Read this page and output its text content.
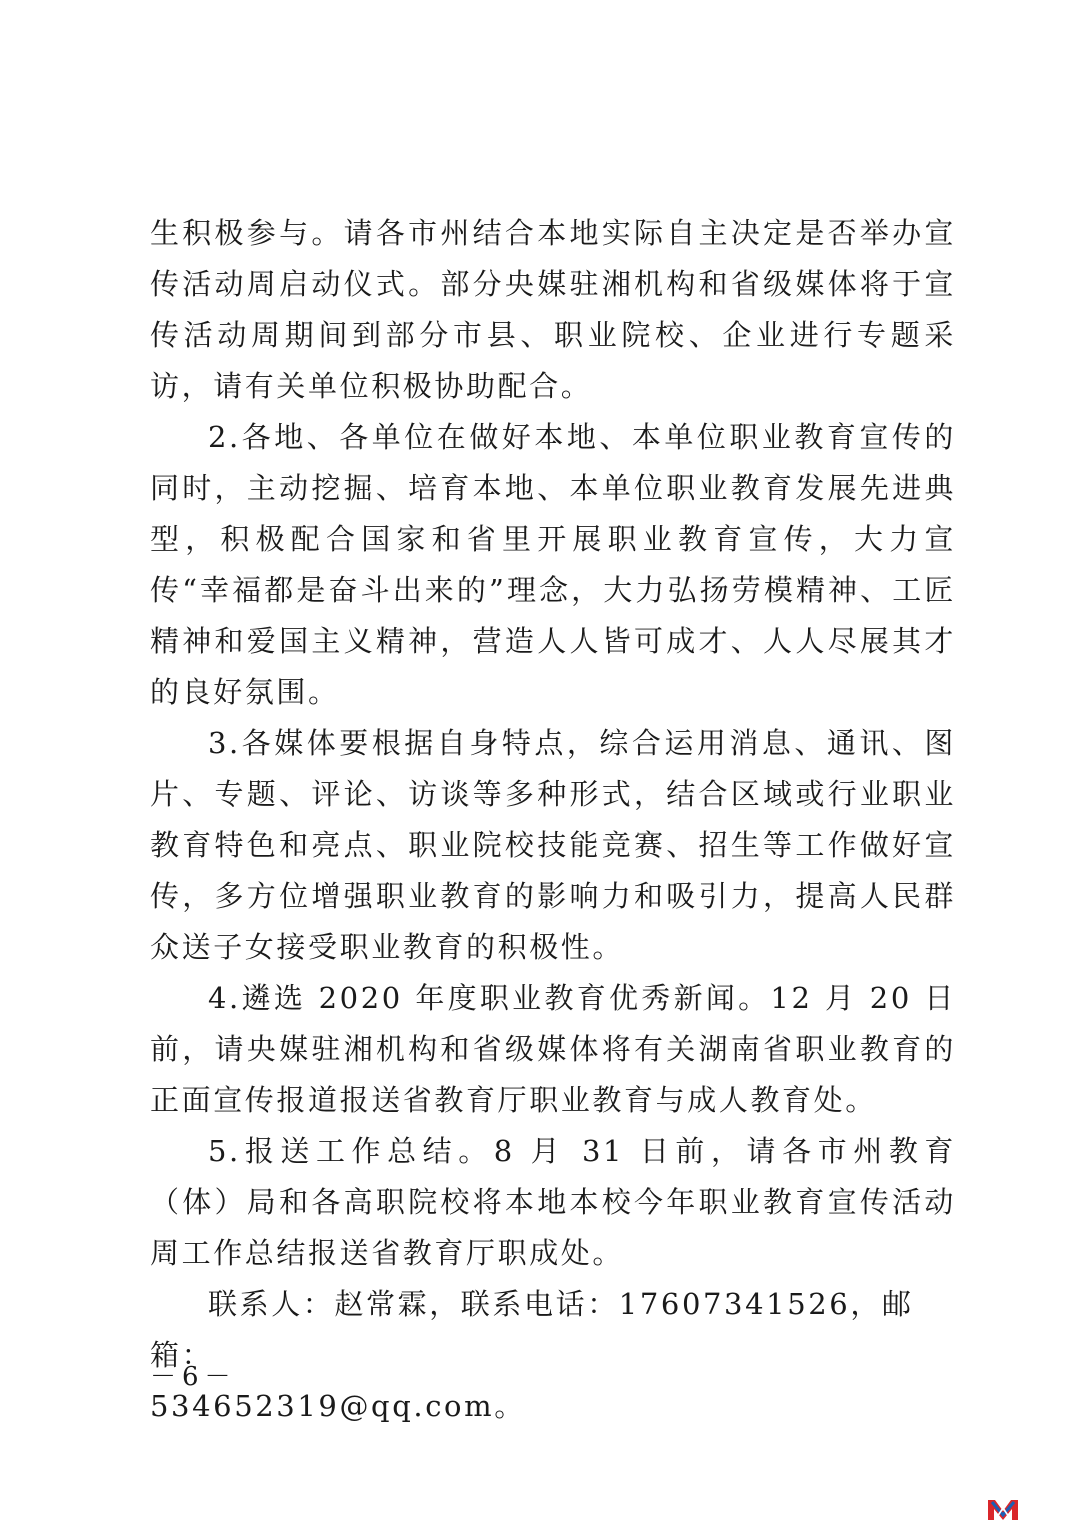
生积极参与。请各市州结合本地实际自主决定是否举办宣传活动周启动仪式。部分央媒驻湘机构和省级媒体将于宣传活动周期间到部分市县、职业院校、企业进行专题采访，请有关单位积极协助配合。

2.各地、各单位在做好本地、本单位职业教育宣传的同时，主动挖掘、培育本地、本单位职业教育发展先进典型，积极配合国家和省里开展职业教育宣传，大力宣传“幸福都是奋斗出来的”理念，大力弘扬劳模精神、工匠精神和爱国主义精神，营造人人皆可成才、人人尽展其才的良好氛围。

3.各媒体要根据自身特点，综合运用消息、通讯、图片、专题、评论、访谈等多种形式，结合区域或行业职业教育特色和亮点、职业院校技能竞赛、招生等工作做好宣传，多方位增强职业教育的影响力和吸引力，提高人民群众送子女接受职业教育的积极性。

4.遴选 2020 年度职业教育优秀新闻。12 月 20 日前，请央媒驻湘机构和省级媒体将有关湖南省职业教育的正面宣传报道报送省教育厅职业教育与成人教育处。

5.报送工作总结。8 月 31 日前，请各市州教育（体）局和各高职院校将本地本校今年职业教育宣传活动周工作总结报送省教育厅职成处。

联系人：赵常霖，联系电话：17607341526，邮箱：

534652319@qq.com。

－6－
